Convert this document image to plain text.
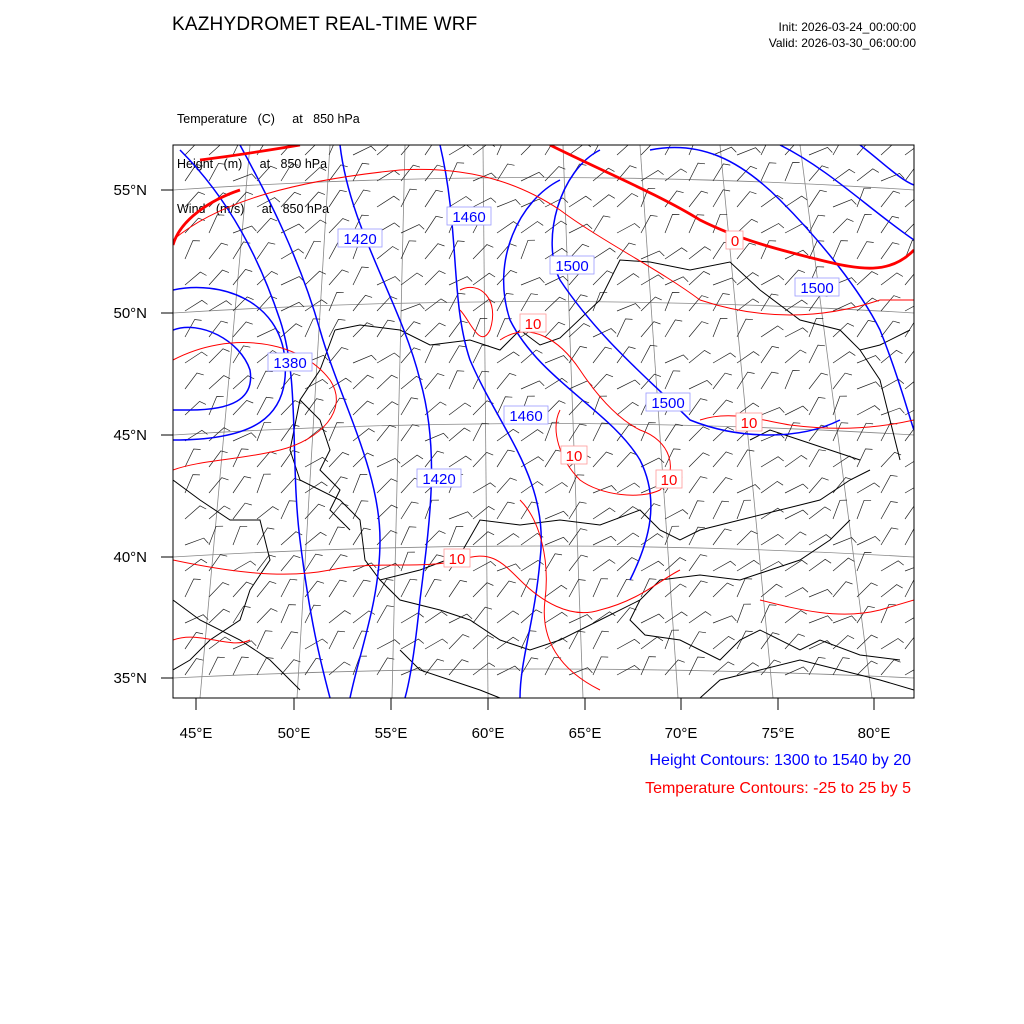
KAZHYDROMET REAL-TIME WRF	Init: 2026-03-24_00:00:00
Valid: 2026-03-30_06:00:00

Temperature   (C)     at   850 hPa

Height   (m)     at   850 hPa

Wind   (m/s)     at   850 hPa

55°N
50°N
45°N
40°N
35°N
45°E	50°E	55°E	60°E	65°E	70°E	75°E	80°E
1460
1420
1500
1500
1380
1460
1500
1420
0
10
10
10
10
10
Height Contours: 1300 to 1540 by 20
Temperature Contours: -25 to 25 by 5
